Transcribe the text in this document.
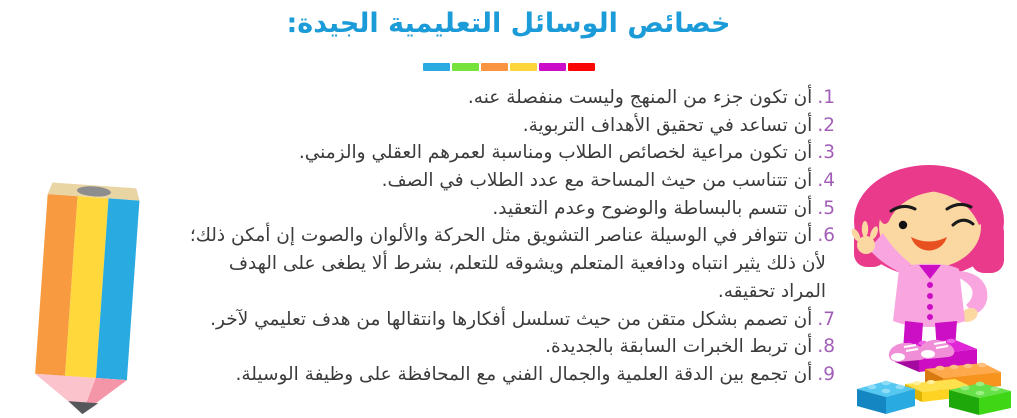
خصائص الوسائل التعليمية الجيدة:
1.أن تكون جزء من المنهج وليست منفصلة عنه.
2.أن تساعد في تحقيق الأهداف التربوية.
3.أن تكون مراعية لخصائص الطلاب ومناسبة لعمرهم العقلي والزمني.
4.أن تتناسب من حيث المساحة مع عدد الطلاب في الصف.
5.أن تتسم بالبساطة والوضوح وعدم التعقيد.
6.أن تتوافر في الوسيلة عناصر التشويق مثل الحركة والألوان والصوت إن أمكن ذلك؛
لأن ذلك يثير انتباه ودافعية المتعلم ويشوقه للتعلم، بشرط ألا يطغى على الهدف
المراد تحقيقه.
7.أن تصمم بشكل متقن من حيث تسلسل أفكارها وانتقالها من هدف تعليمي لآخر.
8.أن تربط الخبرات السابقة بالجديدة.
9.أن تجمع بين الدقة العلمية والجمال الفني مع المحافظة على وظيفة الوسيلة.
